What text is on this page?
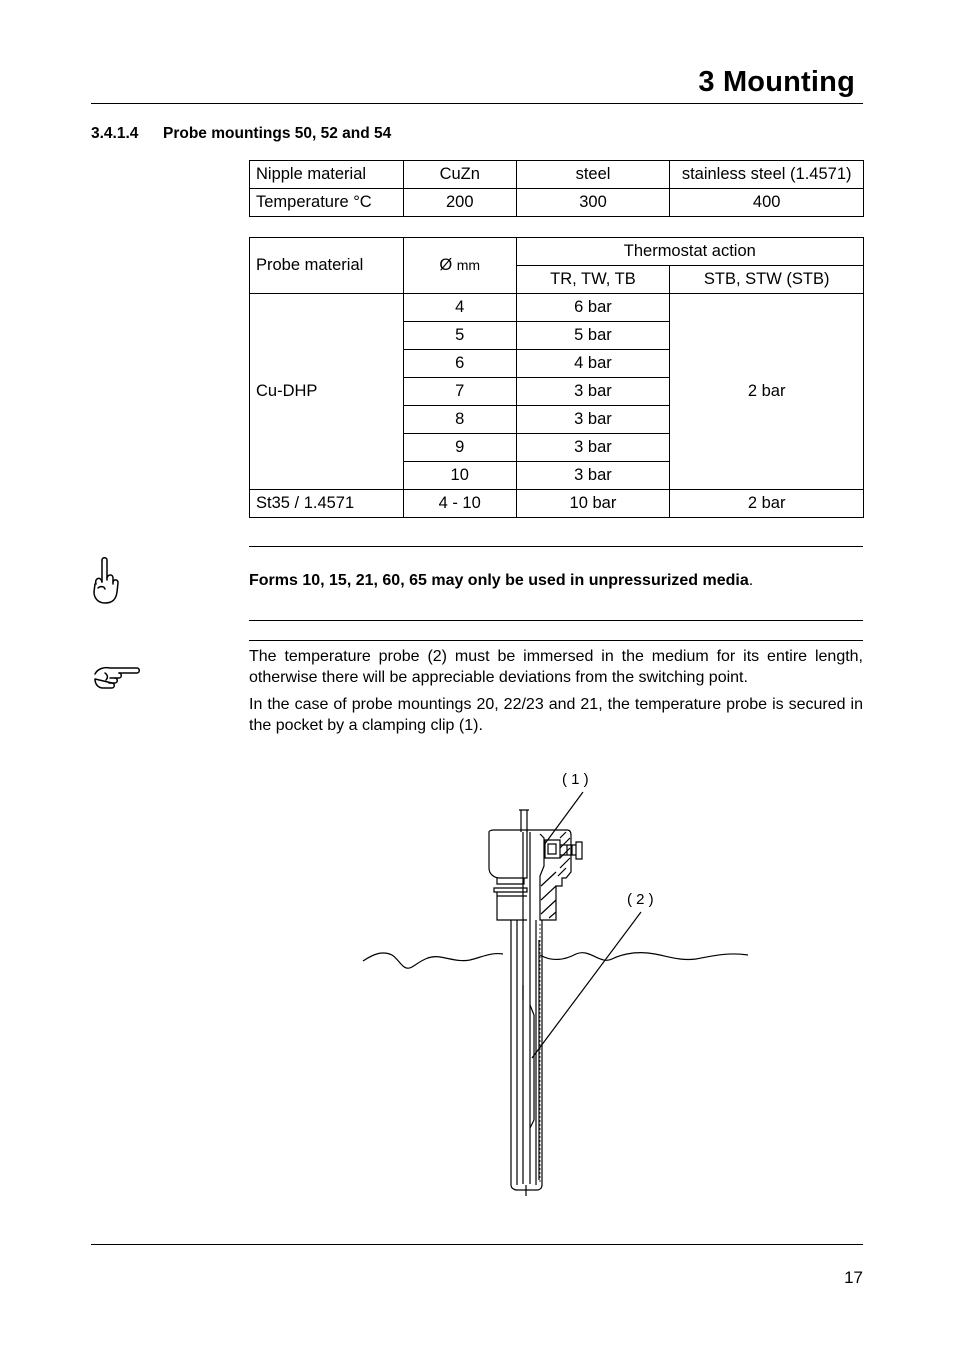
3 Mounting
3.4.1.4 Probe mountings 50, 52 and 54
Nipple material	CuZn	steel	stainless steel (1.4571)
Temperature °C	200	300	400
Probe material	Ø mm	Thermostat action	
		TR, TW, TB	STB, STW (STB)
Cu-DHP	4	6 bar	2 bar
	5	5 bar	
	6	4 bar	
	7	3 bar	
	8	3 bar	
	9	3 bar	
	10	3 bar	
St35 / 1.4571	4 - 10	10 bar	2 bar
Forms 10, 15, 21, 60, 65 may only be used in unpressurized media.
The temperature probe (2) must be immersed in the medium for its entire length, otherwise there will be appreciable deviations from the switching point.
In the case of probe mountings 20, 22/23 and 21, the temperature probe is secured in the pocket by a clamping clip (1).
( 1 )
( 2 )
17
